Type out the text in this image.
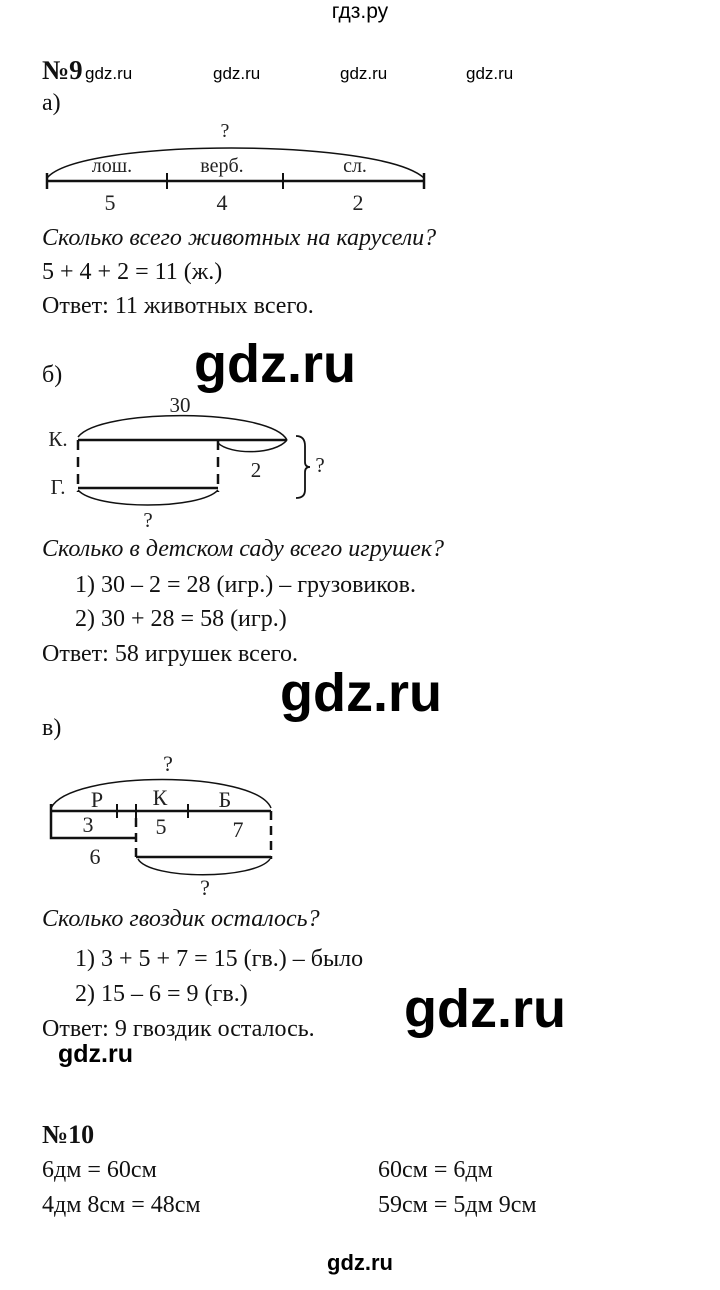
гдз.ру
№9 gdz.ru	gdz.ru	gdz.ru	gdz.ru
а)
Сколько всего животных на карусели?
5 + 4 + 2 = 11 (ж.)
Ответ: 11 животных всего.
gdz.ru
б)
Сколько в детском саду всего игрушек?
1) 30 – 2 = 28 (игр.) – грузовиков.
2) 30 + 28 = 58 (игр.)
Ответ: 58 игрушек всего.
gdz.ru
в)
Сколько гвоздик осталось?
1) 3 + 5 + 7 = 15 (гв.) – было
2) 15 – 6 = 9 (гв.)
Ответ: 9 гвоздик осталось. gdz.ru
gdz.ru
№10
6дм = 60см	60см = 6дм
4дм 8см = 48см	59см = 5дм 9см
gdz.ru
?
лош.	верб.	сл.
5	4	2
К.
Г.
30
2
?
?
?
Р К Б
3	5	7
6
?
